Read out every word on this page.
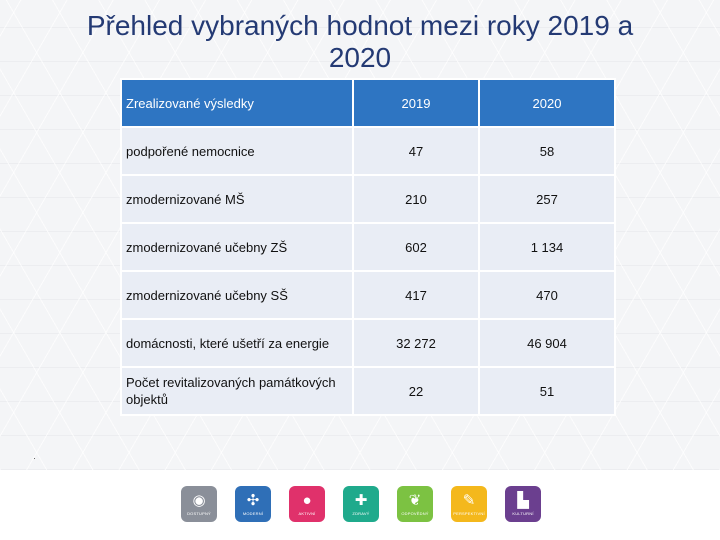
Přehled vybraných hodnot mezi roky 2019 a 2020
Zrealizované výsledky	2019	2020
podpořené nemocnice	47	58
zmodernizované MŠ	210	257
zmodernizované učebny ZŠ	602	1 134
zmodernizované učebny SŠ	417	470
domácnosti, které ušetří za energie	32 272	46 904
Počet revitalizovaných památkových objektů	22	51
◉
DOSTUPNÝ
✣
MODERNÍ
●
AKTIVNÍ
✚
ZDRAVÝ
❦
ODPOVĚDNÝ
✎
PERSPEKTIVNÍ
▙
KULTURNÍ
